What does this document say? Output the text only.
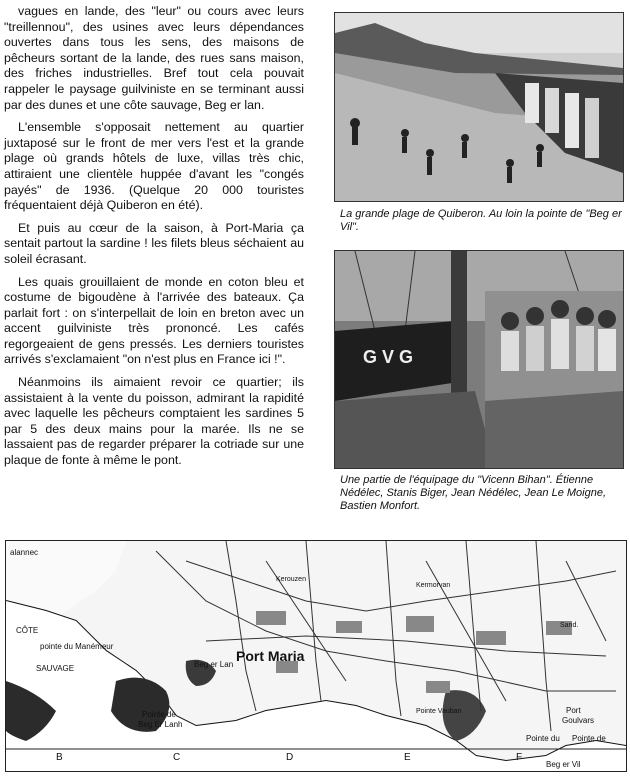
vagues en lande, des "leur" ou cours avec leurs "treillennou", des usines avec leurs dépendances ouvertes dans tous les sens, des maisons de pêcheurs sortant de la lande, des rues sans maison, des friches industrielles. Bref tout cela pouvait rappeler le paysage guilviniste en se terminant aussi par des dunes et une côte sauvage, Beg er lan.

L'ensemble s'opposait nettement au quartier juxtaposé sur le front de mer vers l'est et la grande plage où grands hôtels de luxe, villas très chic, attiraient une clientèle huppée d'avant les "congés payés" de 1936. (Quelque 20 000 touristes fréquentaient déjà Quiberon en été).

Et puis au cœur de la saison, à Port-Maria ça sentait partout la sardine ! les filets bleus séchaient au soleil écrasant.

Les quais grouillaient de monde en coton bleu et costume de bigoudène à l'arrivée des bateaux. Ça parlait fort : on s'interpellait de loin en breton avec un accent guilviniste très prononcé. Les cafés regorgeaient de gens pressés. Les derniers touristes arrivés s'exclamaient "on n'est plus en France ici !".

Néanmoins ils aimaient revoir ce quartier; ils assistaient à la vente du poisson, admirant la rapidité avec laquelle les pêcheurs comptaient les sardines 5 par 5 des deux mains pour la marée. Ils ne se lassaient pas de regarder préparer la cotriade sur une plaque de fonte à même le pont.

La grande plage de Quiberon. Au loin la pointe de "Beg er Vil".
G V G
Une partie de l'équipage du "Vicenn Bihan". Étienne Nédélec, Stanis Biger, Jean Nédélec, Jean Le Moigne, Bastien Monfort.
B	C	D	E	F
alannec
CÔTE
pointe du Manémeur
SAUVAGE	Beg er Lan
Pointe de
Beg Er Lanh
Port Maria
Kerouzen
Kermorvan
Sand.
Pointe Vauban	Port
Goulvars
Pointe du Pointe de
Beg er Vil
